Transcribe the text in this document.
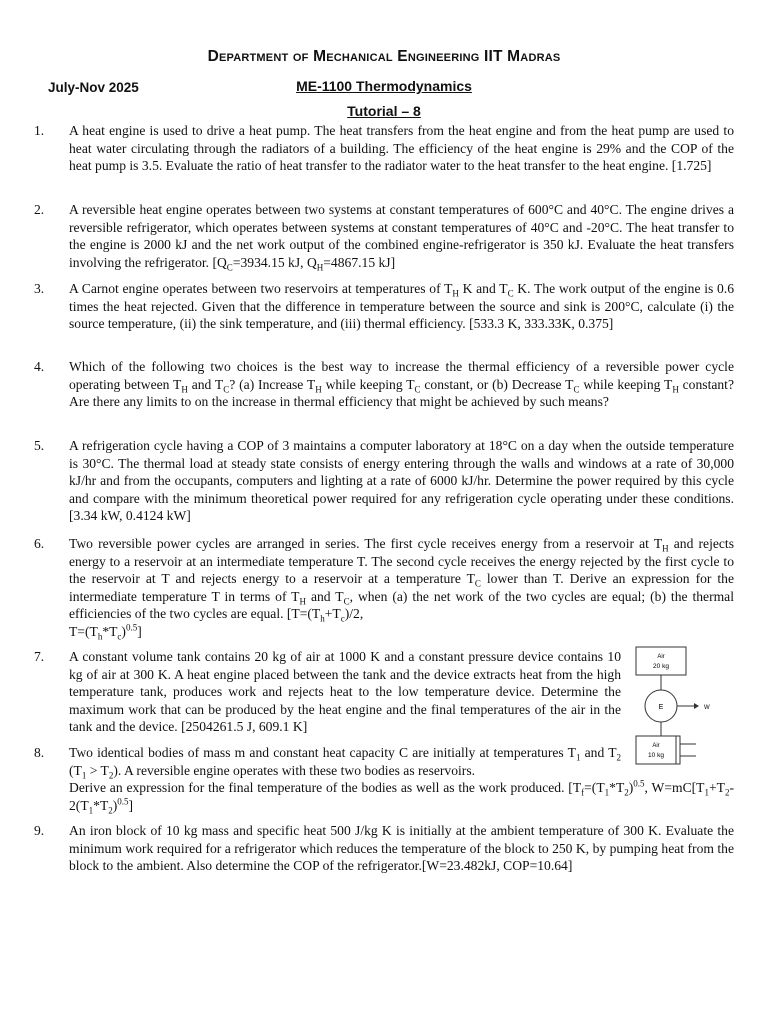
Department of Mechanical Engineering IIT Madras
July-Nov 2025	ME-1100 Thermodynamics
Tutorial – 8
1.	A heat engine is used to drive a heat pump. The heat transfers from the heat engine and from the heat pump are used to heat water circulating through the radiators of a building. The efficiency of the heat engine is 29% and the COP of the heat pump is 3.5. Evaluate the ratio of heat transfer to the radiator water to the heat transfer to the heat engine. [1.725]
2.	A reversible heat engine operates between two systems at constant temperatures of 600°C and 40°C. The engine drives a reversible refrigerator, which operates between systems at constant temperatures of 40°C and -20°C. The heat transfer to the engine is 2000 kJ and the net work output of the combined engine-refrigerator is 350 kJ. Evaluate the heat transfers involving the refrigerator. [$Q_C=3934.15$ kJ, $Q_H=4867.15$ kJ]
3.	A Carnot engine operates between two reservoirs at temperatures of $T_H$ K and $T_C$ K. The work output of the engine is 0.6 times the heat rejected. Given that the difference in temperature between the source and sink is 200°C, calculate (i) the source temperature, (ii) the sink temperature, and (iii) thermal efficiency. [533.3 K, 333.33K, 0.375]
4.	Which of the following two choices is the best way to increase the thermal efficiency of a reversible power cycle operating between $T_H$ and $T_C$? (a) Increase $T_H$ while keeping $T_C$ constant, or (b) Decrease $T_C$ while keeping $T_H$ constant? Are there any limits to on the increase in thermal efficiency that might be achieved by such means?
5.	A refrigeration cycle having a COP of 3 maintains a computer laboratory at 18°C on a day when the outside temperature is 30°C. The thermal load at steady state consists of energy entering through the walls and windows at a rate of 30,000 kJ/hr and from the occupants, computers and lighting at a rate of 6000 kJ/hr. Determine the power required by this cycle and compare with the minimum theoretical power required for any refrigeration cycle operating under these conditions. [3.34 kW, 0.4124 kW]
6.	Two reversible power cycles are arranged in series. The first cycle receives energy from a reservoir at $T_H$ and rejects energy to a reservoir at an intermediate temperature T. The second cycle receives the energy rejected by the first cycle to the reservoir at T and rejects energy to a reservoir at a temperature $T_C$ lower than T. Derive an expression for the intermediate temperature T in terms of $T_H$ and $T_C$, when (a) the net work of the two cycles are equal; (b) the thermal efficiencies of the two cycles are equal. [$T=(T_h+T_c)/2$,
$T=(T_h*T_c)^{0.5}$]
7.	A constant volume tank contains 20 kg of air at 1000 K and a constant pressure device contains 10 kg of air at 300 K. A heat engine placed between the tank and the device extracts heat from the high temperature tank, produces work and rejects heat to the low temperature device. Determine the maximum work that can be produced by the heat engine and the final temperatures of the air in the tank and the device. [2504261.5 J, 609.1 K]
8.	Two identical bodies of mass m and constant heat capacity C are initially at temperatures $T_1$ and $T_2$ $(T_1 > T_2)$. A reversible engine operates with these two bodies as reservoirs.
Derive an expression for the final temperature of the bodies as well as the work produced. [$T_f=(T_1*T_2)^{0.5}$, $W=mC[T_1+T_2-2(T_1*T_2)^{0.5}]$
9.	An iron block of 10 kg mass and specific heat 500 J/kg K is initially at the ambient temperature of 300 K. Evaluate the minimum work required for a refrigerator which reduces the temperature of the block to 250 K, by pumping heat from the block to the ambient. Also determine the COP of the refrigerator.[W=23.482kJ, COP=10.64]
Air
20 kg
E	W
Air
10 kg
